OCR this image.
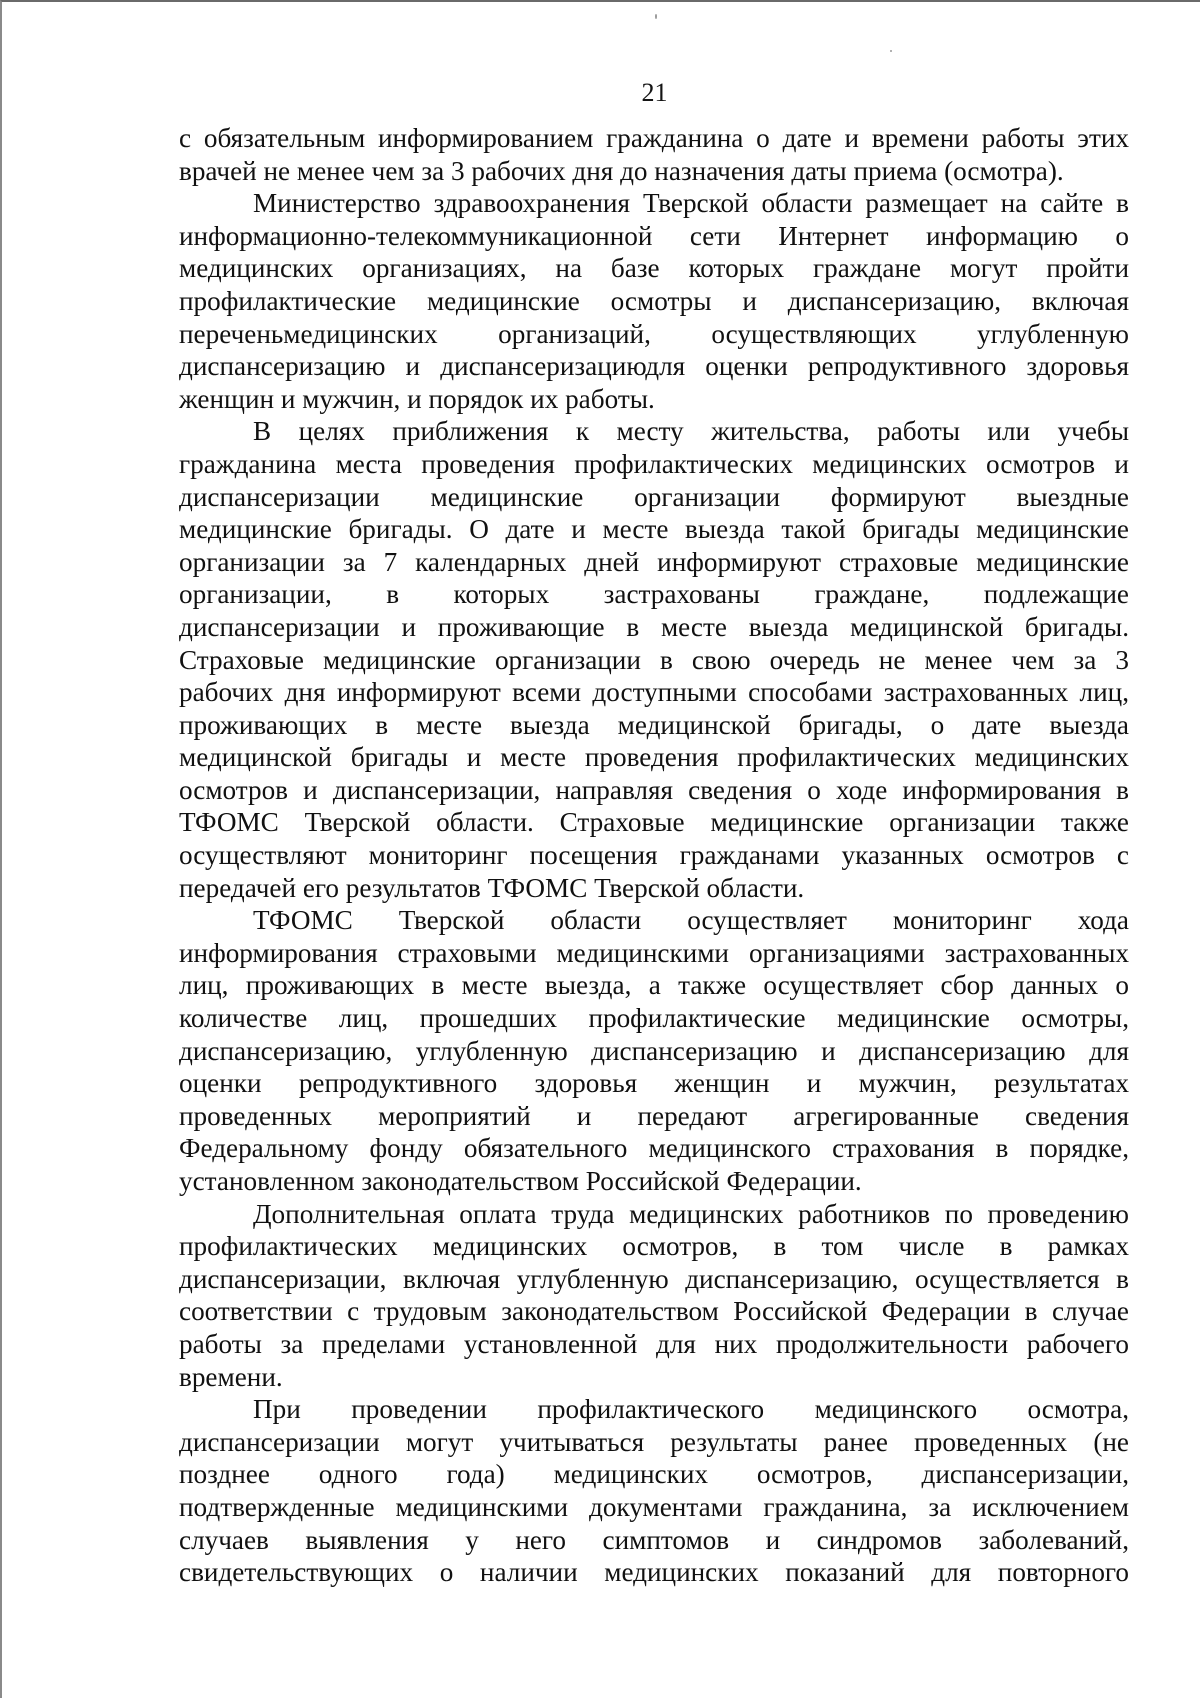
21

с обязательным информированием гражданина о дате и времени работы этих
врачей не менее чем за 3 рабочих дня до назначения даты приема (осмотра).

Министерство здравоохранения Тверской области размещает на сайте в
информационно-телекоммуникационной сети Интернет информацию о
медицинских организациях, на базе которых граждане могут пройти
профилактические медицинские осмотры и диспансеризацию, включая
переченьмедицинских организаций, осуществляющих углубленную
диспансеризацию и диспансеризациюдля оценки репродуктивного здоровья
женщин и мужчин, и порядок их работы.

В целях приближения к месту жительства, работы или учебы
гражданина места проведения профилактических медицинских осмотров и
диспансеризации медицинские организации формируют выездные
медицинские бригады. О дате и месте выезда такой бригады медицинские
организации за 7 календарных дней информируют страховые медицинские
организации, в которых застрахованы граждане, подлежащие
диспансеризации и проживающие в месте выезда медицинской бригады.
Страховые медицинские организации в свою очередь не менее чем за 3
рабочих дня информируют всеми доступными способами застрахованных лиц,
проживающих в месте выезда медицинской бригады, о дате выезда
медицинской бригады и месте проведения профилактических медицинских
осмотров и диспансеризации, направляя сведения о ходе информирования в
ТФОМС Тверской области. Страховые медицинские организации также
осуществляют мониторинг посещения гражданами указанных осмотров с
передачей его результатов ТФОМС Тверской области.

ТФОМС Тверской области осуществляет мониторинг хода
информирования страховыми медицинскими организациями застрахованных
лиц, проживающих в месте выезда, а также осуществляет сбор данных о
количестве лиц, прошедших профилактические медицинские осмотры,
диспансеризацию, углубленную диспансеризацию и диспансеризацию для
оценки репродуктивного здоровья женщин и мужчин, результатах
проведенных мероприятий и передают агрегированные сведения
Федеральному фонду обязательного медицинского страхования в порядке,
установленном законодательством Российской Федерации.

Дополнительная оплата труда медицинских работников по проведению
профилактических медицинских осмотров, в том числе в рамках
диспансеризации, включая углубленную диспансеризацию, осуществляется в
соответствии с трудовым законодательством Российской Федерации в случае
работы за пределами установленной для них продолжительности рабочего
времени.

При проведении профилактического медицинского осмотра,
диспансеризации могут учитываться результаты ранее проведенных (не
позднее одного года) медицинских осмотров, диспансеризации,
подтвержденные медицинскими документами гражданина, за исключением
случаев выявления у него симптомов и синдромов заболеваний,
свидетельствующих о наличии медицинских показаний для повторного
